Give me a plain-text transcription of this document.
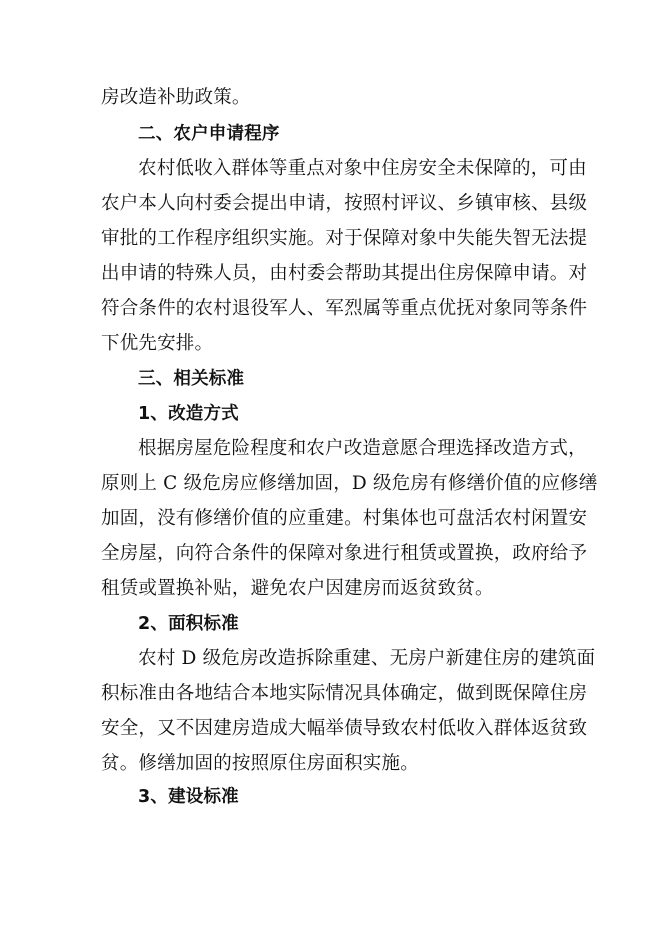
房改造补助政策。
二、农户申请程序
农村低收入群体等重点对象中住房安全未保障的，可由
农户本人向村委会提出申请，按照村评议、乡镇审核、县级
审批的工作程序组织实施。对于保障对象中失能失智无法提
出申请的特殊人员，由村委会帮助其提出住房保障申请。对
符合条件的农村退役军人、军烈属等重点优抚对象同等条件
下优先安排。
三、相关标准
1、改造方式
根据房屋危险程度和农户改造意愿合理选择改造方式，
原则上 C 级危房应修缮加固，D 级危房有修缮价值的应修缮
加固，没有修缮价值的应重建。村集体也可盘活农村闲置安
全房屋，向符合条件的保障对象进行租赁或置换，政府给予
租赁或置换补贴，避免农户因建房而返贫致贫。
2、面积标准
农村 D 级危房改造拆除重建、无房户新建住房的建筑面
积标准由各地结合本地实际情况具体确定，做到既保障住房
安全，又不因建房造成大幅举债导致农村低收入群体返贫致
贫。修缮加固的按照原住房面积实施。
3、建设标准
